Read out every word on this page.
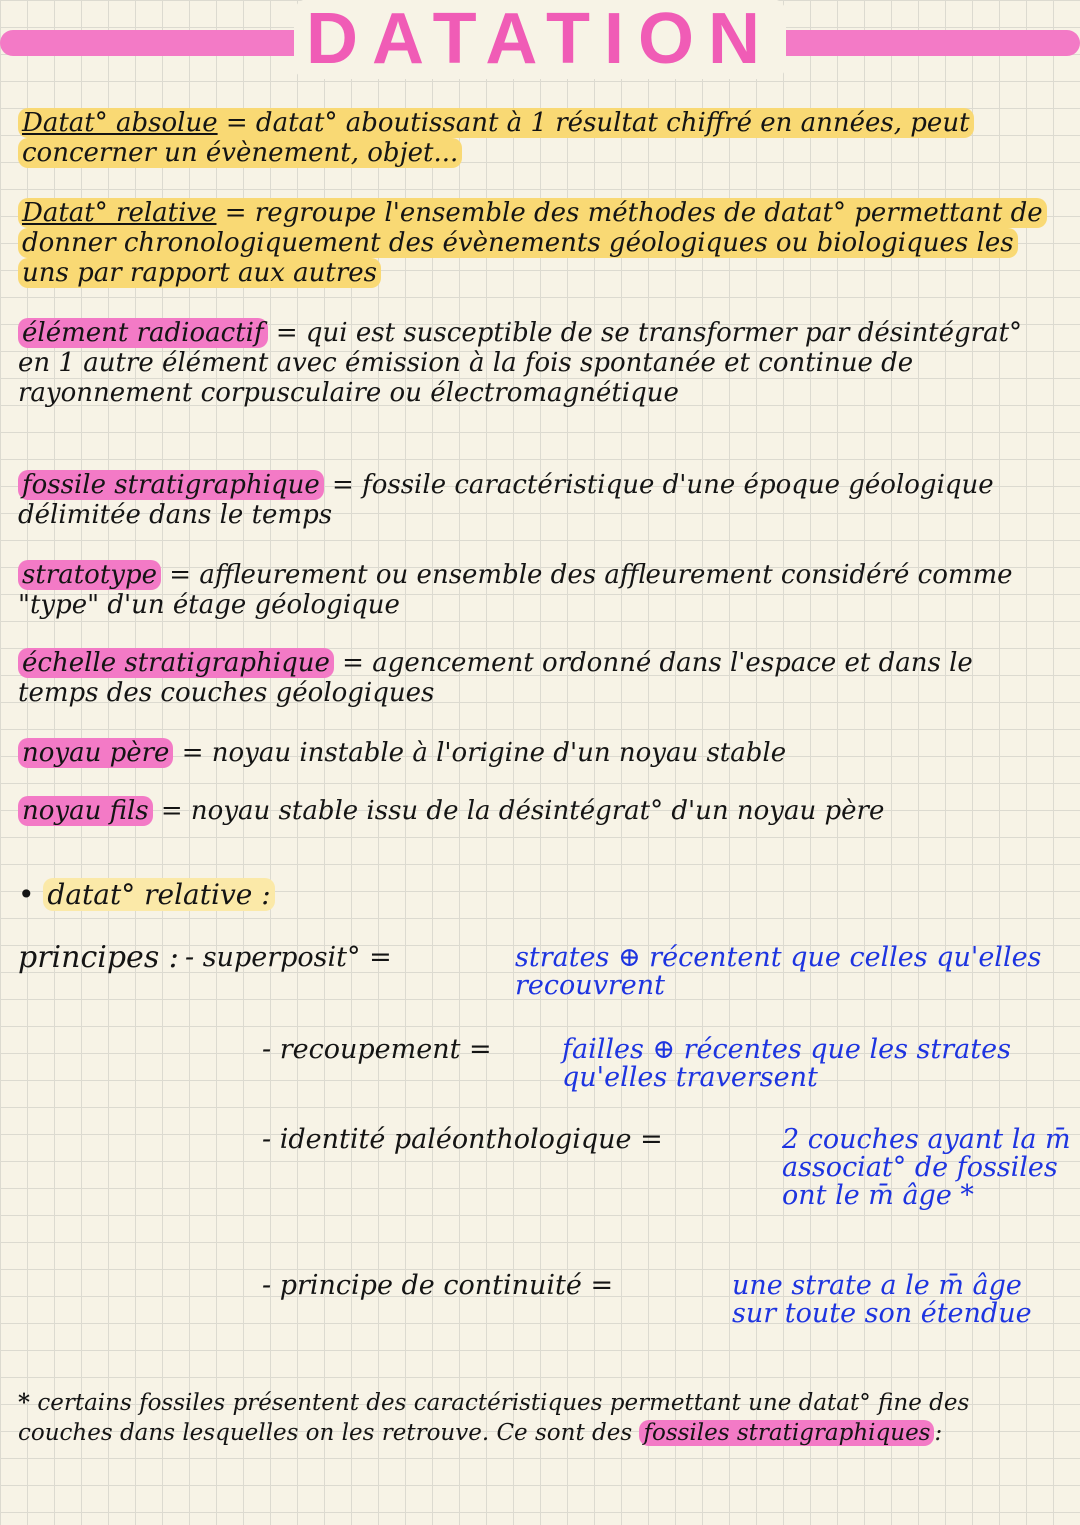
DATATION
Datat° absolue = datat° aboutissant à 1 résultat chiffré en années, peut concerner un évènement, objet...
Datat° relative = regroupe l'ensemble des méthodes de datat° permettant de donner chronologiquement des évènements géologiques ou biologiques les uns par rapport aux autres
élément radioactif = qui est susceptible de se transformer par désintégrat° en 1 autre élément avec émission à la fois spontanée et continue de rayonnement corpusculaire ou électromagnétique
fossile stratigraphique = fossile caractéristique d'une époque géologique délimitée dans le temps
stratotype = affleurement ou ensemble des affleurement considéré comme "type" d'un étage géologique
échelle stratigraphique = agencement ordonné dans l'espace et dans le temps des couches géologiques
noyau père = noyau instable à l'origine d'un noyau stable
noyau fils = noyau stable issu de la désintégrat° d'un noyau père
• datat° relative :
principes : - superposit° =	strates ⊕ récentent que celles qu'elles recouvrent
- recoupement =	failles ⊕ récentes que les strates qu'elles traversent
- identité paléonthologique =	2 couches ayant la m̄ associat° de fossiles ont le m̄ âge *
- principe de continuité =	une strate a le m̄ âge sur toute son étendue
* certains fossiles présentent des caractéristiques permettant une datat° fine des couches dans lesquelles on les retrouve. Ce sont des fossiles stratigraphiques :
